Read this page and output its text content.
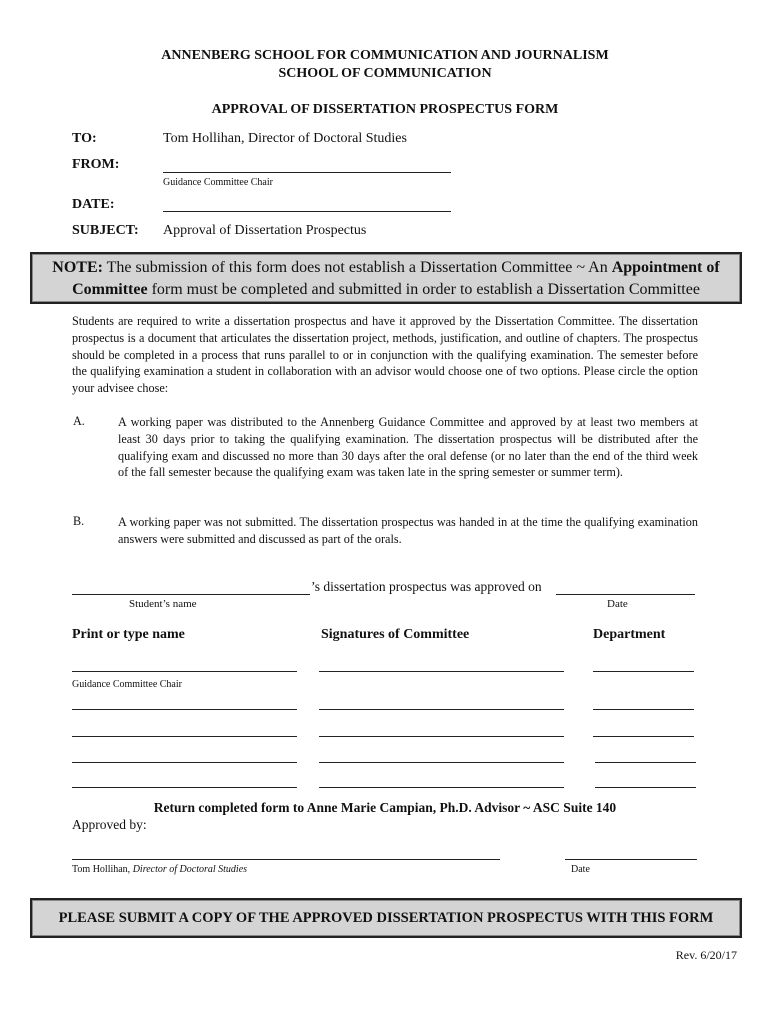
ANNENBERG SCHOOL FOR COMMUNICATION AND JOURNALISM
SCHOOL OF COMMUNICATION
APPROVAL OF DISSERTATION PROSPECTUS FORM
TO:	Tom Hollihan, Director of Doctoral Studies
FROM:
Guidance Committee Chair
DATE:
SUBJECT: Approval of Dissertation Prospectus
NOTE: The submission of this form does not establish a Dissertation Committee ~ An Appointment of Committee form must be completed and submitted in order to establish a Dissertation Committee
Students are required to write a dissertation prospectus and have it approved by the Dissertation Committee. The dissertation prospectus is a document that articulates the dissertation project, methods, justification, and outline of chapters. The prospectus should be completed in a process that runs parallel to or in conjunction with the qualifying examination. The semester before the qualifying examination a student in collaboration with an advisor would choose one of two options. Please circle the option your advisee chose:
A.	A working paper was distributed to the Annenberg Guidance Committee and approved by at least two members at least 30 days prior to taking the qualifying examination. The dissertation prospectus will be distributed after the qualifying exam and discussed no more than 30 days after the oral defense (or no later than the end of the third week of the fall semester because the qualifying exam was taken late in the spring semester or summer term).
B.	A working paper was not submitted. The dissertation prospectus was handed in at the time the qualifying examination answers were submitted and discussed as part of the orals.
’s dissertation prospectus was approved on
Student’s name	Date
Print or type name	Signatures of Committee	Department
Guidance Committee Chair
Return completed form to Anne Marie Campian, Ph.D. Advisor ~ ASC Suite 140
Approved by:
Tom Hollihan, Director of Doctoral Studies	Date
PLEASE SUBMIT A COPY OF THE APPROVED DISSERTATION PROSPECTUS WITH THIS FORM
Rev. 6/20/17
